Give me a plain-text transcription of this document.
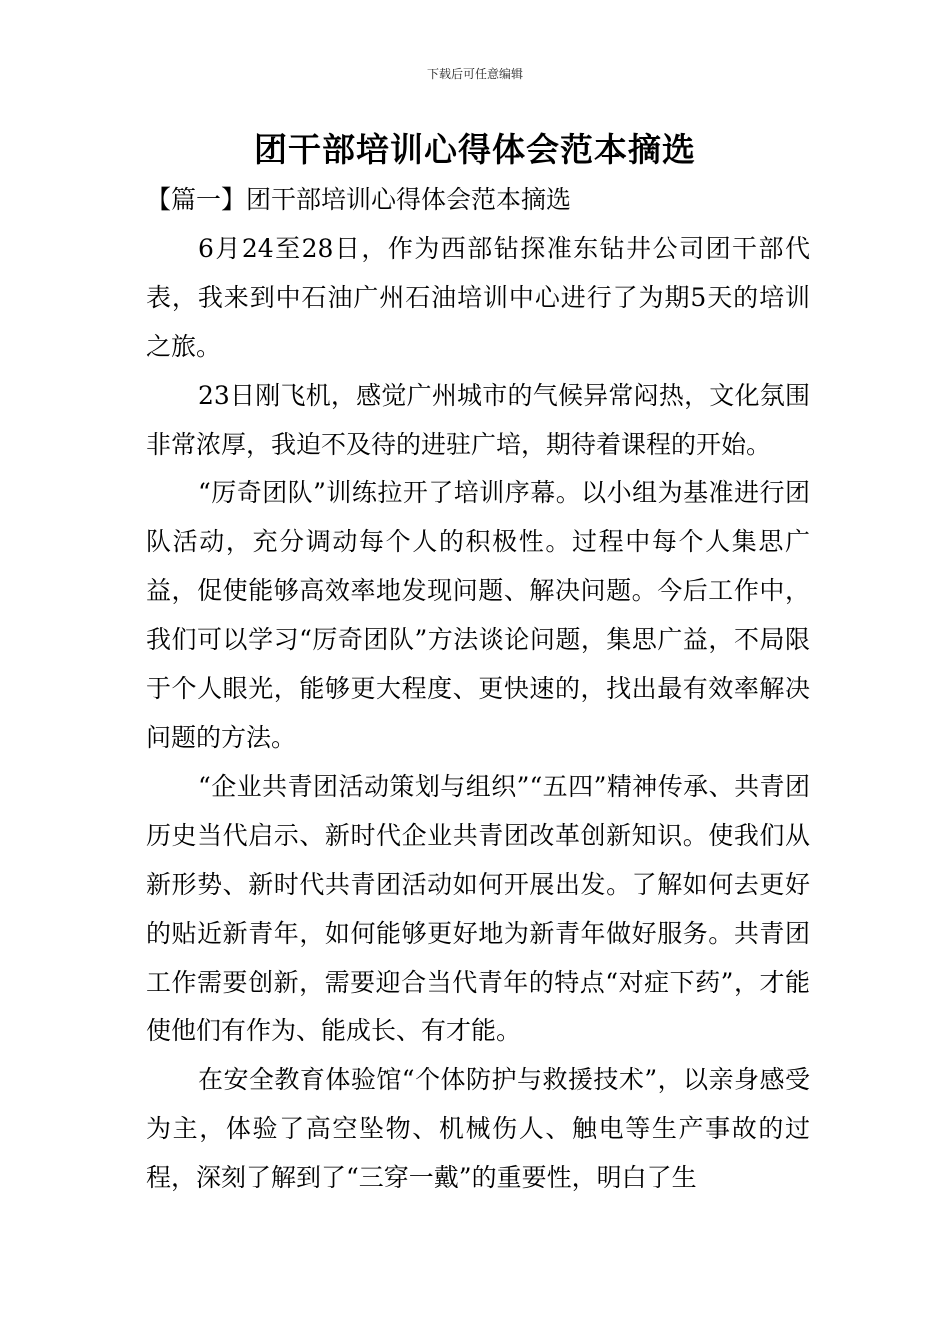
下载后可任意编辑
团干部培训心得体会范本摘选

【篇一】团干部培训心得体会范本摘选

6月24至28日，作为西部钻探准东钻井公司团干部代表，我来到中石油广州石油培训中心进行了为期5天的培训之旅。

23日刚飞机，感觉广州城市的气候异常闷热，文化氛围非常浓厚，我迫不及待的进驻广培，期待着课程的开始。

“厉奇团队”训练拉开了培训序幕。以小组为基准进行团队活动，充分调动每个人的积极性。过程中每个人集思广益，促使能够高效率地发现问题、解决问题。今后工作中，我们可以学习“厉奇团队”方法谈论问题，集思广益，不局限于个人眼光，能够更大程度、更快速的，找出最有效率解决问题的方法。

“企业共青团活动策划与组织”“五四”精神传承、共青团历史当代启示、新时代企业共青团改革创新知识。使我们从新形势、新时代共青团活动如何开展出发。了解如何去更好的贴近新青年，如何能够更好地为新青年做好服务。共青团工作需要创新，需要迎合当代青年的特点“对症下药”，才能使他们有作为、能成长、有才能。

在安全教育体验馆“个体防护与救援技术”，以亲身感受为主，体验了高空坠物、机械伤人、触电等生产事故的过程，深刻了解到了“三穿一戴”的重要性，明白了生
